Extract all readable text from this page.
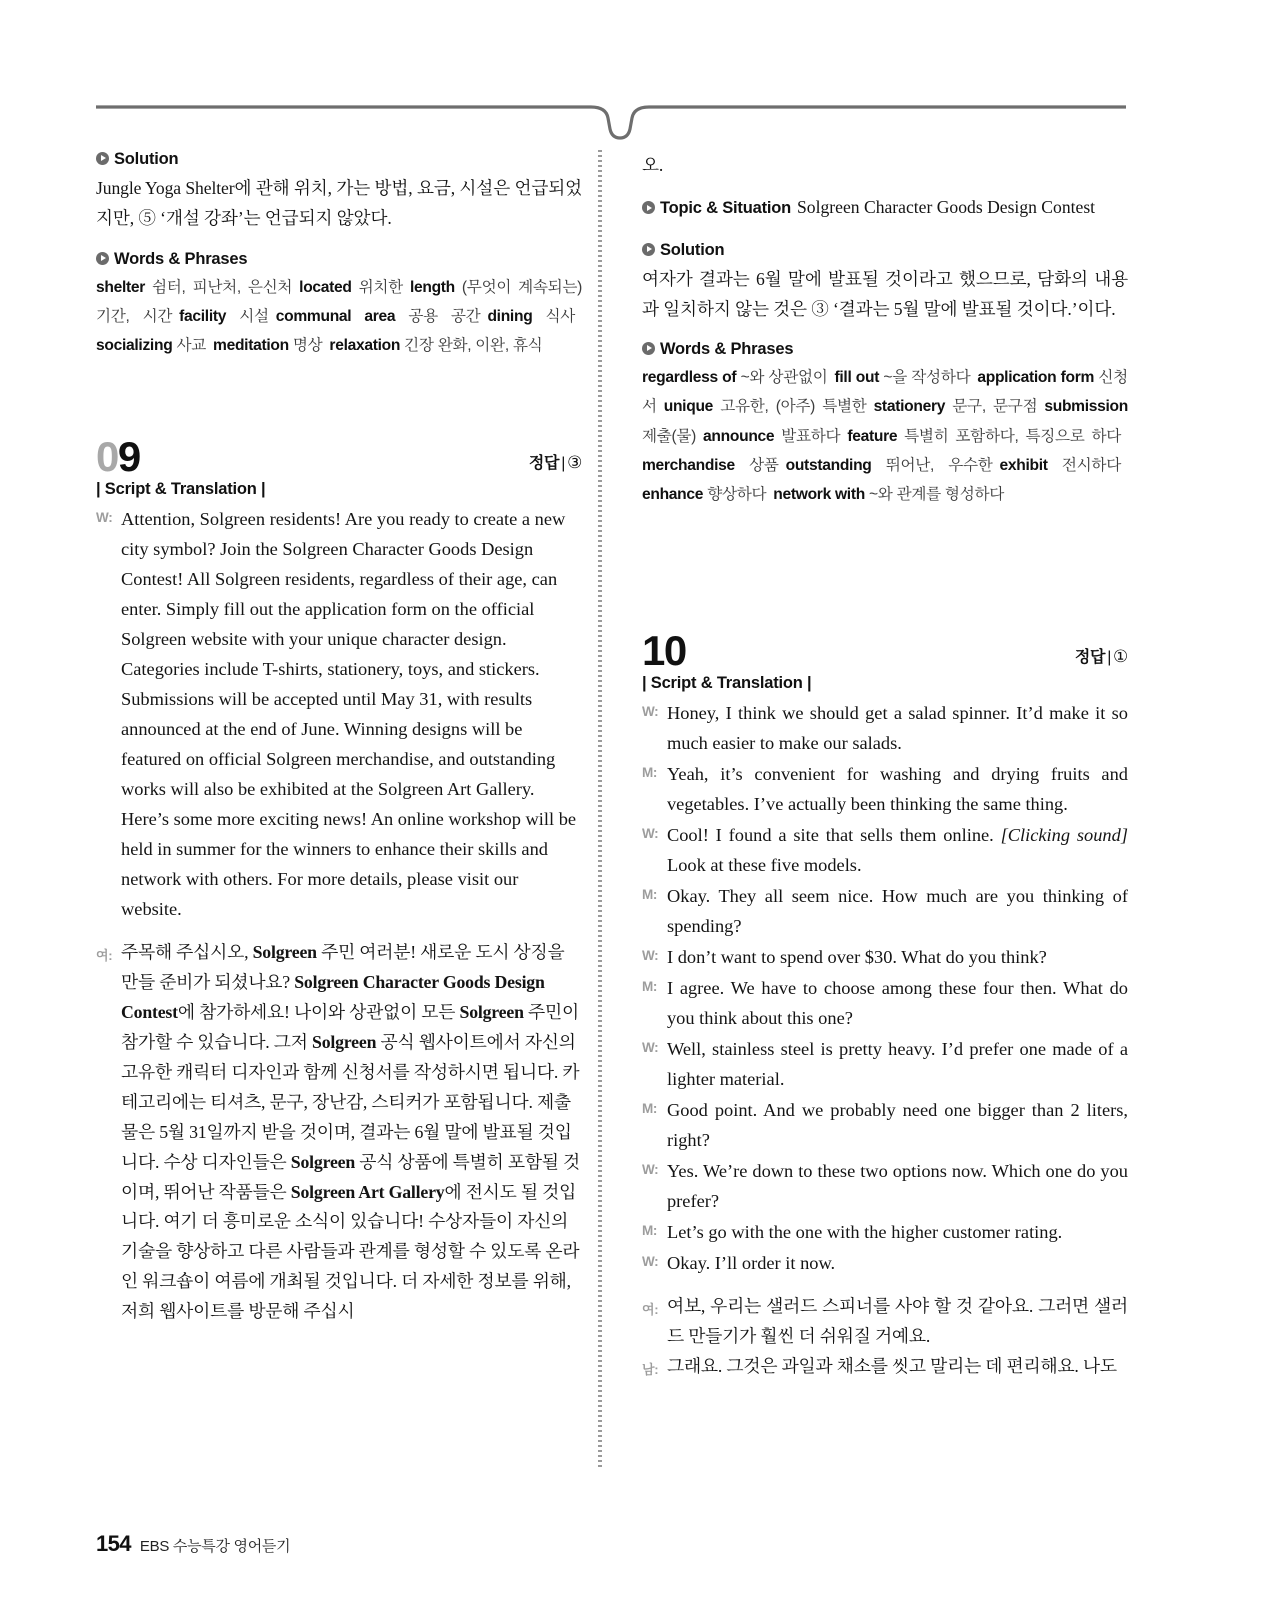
Solution

Jungle Yoga Shelter에 관해 위치, 가는 방법, 요금, 시설은 언급되었지만, ⑤ ‘개설 강좌’는 언급되지 않았다.

Words & Phrases

shelter 쉼터, 피난처, 은신처 located 위치한 length (무엇이 계속되는) 기간, 시간 facility 시설 communal area 공용 공간 dining 식사socializing 사교 meditation 명상 relaxation 긴장 완화, 이완, 휴식

09	정답 | ③
| Script & Translation |
W: Attention, Solgreen residents! Are you ready to create a new city symbol? Join the Solgreen Character Goods Design Contest! All Solgreen residents, regardless of their age, can enter. Simply fill out the application form on the official Solgreen website with your unique character design. Categories include T-shirts, stationery, toys, and stickers. Submissions will be accepted until May 31, with results announced at the end of June. Winning designs will be featured on official Solgreen merchandise, and outstanding works will also be exhibited at the Solgreen Art Gallery. Here’s some more exciting news! An online workshop will be held in summer for the winners to enhance their skills and network with others. For more details, please visit our website.
여: 주목해 주십시오, Solgreen 주민 여러분! 새로운 도시 상징을 만들 준비가 되셨나요? Solgreen Character Goods Design Contest에 참가하세요! 나이와 상관없이 모든 Solgreen 주민이 참가할 수 있습니다. 그저 Solgreen 공식 웹사이트에서 자신의 고유한 캐릭터 디자인과 함께 신청서를 작성하시면 됩니다. 카테고리에는 티셔츠, 문구, 장난감, 스티커가 포함됩니다. 제출물은 5월 31일까지 받을 것이며, 결과는 6월 말에 발표될 것입니다. 수상 디자인들은 Solgreen 공식 상품에 특별히 포함될 것이며, 뛰어난 작품들은 Solgreen Art Gallery에 전시도 될 것입니다. 여기 더 흥미로운 소식이 있습니다! 수상자들이 자신의 기술을 향상하고 다른 사람들과 관계를 형성할 수 있도록 온라인 워크숍이 여름에 개최될 것입니다. 더 자세한 정보를 위해, 저희 웹사이트를 방문해 주십시

오.

Topic & Situation Solgreen Character Goods Design Contest

Solution

여자가 결과는 6월 말에 발표될 것이라고 했으므로, 담화의 내용과 일치하지 않는 것은 ③ ‘결과는 5월 말에 발표될 것이다.’이다.

Words & Phrases

regardless of ~와 상관없이 fill out ~을 작성하다 application form 신청서 unique 고유한, (아주) 특별한 stationery 문구, 문구점 submission 제출(물) announce 발표하다 feature 특별히 포함하다, 특징으로 하다merchandise 상품 outstanding 뛰어난, 우수한 exhibit 전시하다enhance 향상하다 network with ~와 관계를 형성하다

10	정답 | ①
| Script & Translation |
W: Honey, I think we should get a salad spinner. It’d make it so much easier to make our salads.
M: Yeah, it’s convenient for washing and drying fruits and vegetables. I’ve actually been thinking the same thing.
W: Cool! I found a site that sells them online. [Clicking sound] Look at these five models.
M: Okay. They all seem nice. How much are you thinking of spending?
W: I don’t want to spend over $30. What do you think?
M: I agree. We have to choose among these four then. What do you think about this one?
W: Well, stainless steel is pretty heavy. I’d prefer one made of a lighter material.
M: Good point. And we probably need one bigger than 2 liters, right?
W: Yes. We’re down to these two options now. Which one do you prefer?
M: Let’s go with the one with the higher customer rating.
W: Okay. I’ll order it now.
여: 여보, 우리는 샐러드 스피너를 사야 할 것 같아요. 그러면 샐러드 만들기가 훨씬 더 쉬워질 거예요.
남: 그래요. 그것은 과일과 채소를 씻고 말리는 데 편리해요. 나도
154 EBS 수능특강 영어듣기
